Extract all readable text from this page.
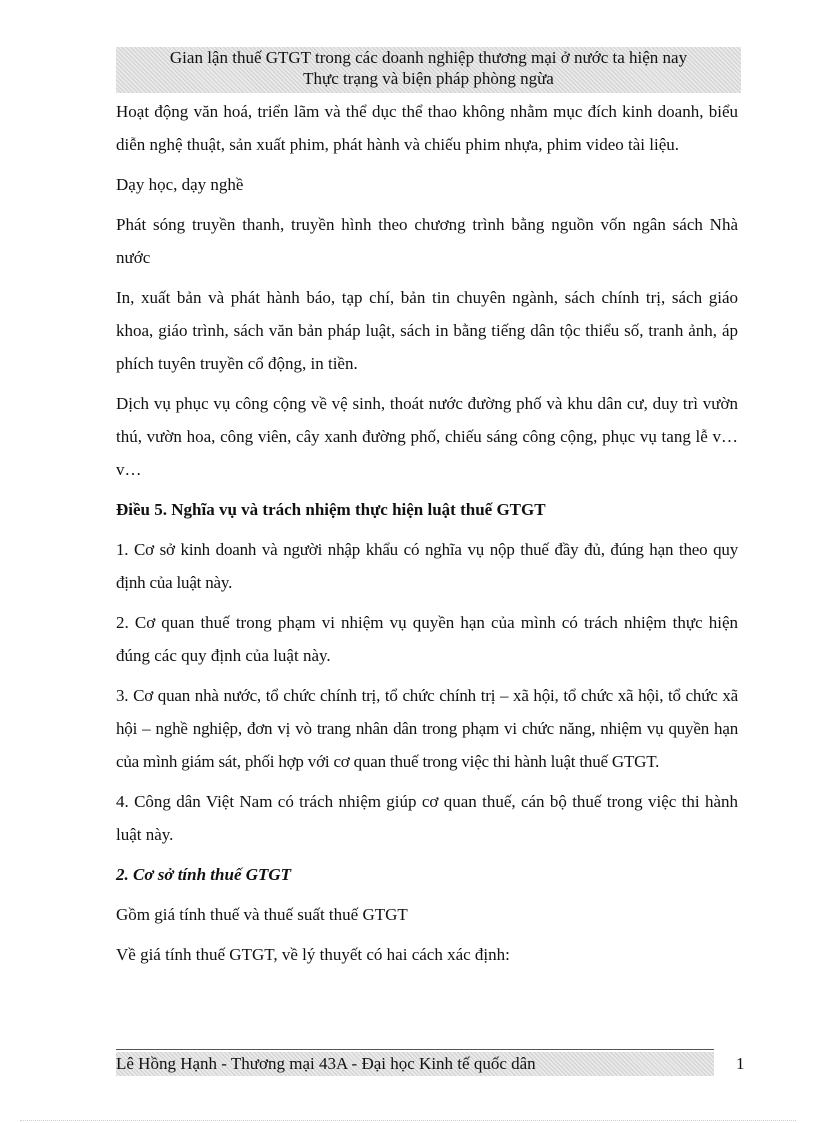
Gian lận thuế GTGT trong các doanh nghiệp thương mại ở nước ta hiện nay
Thực trạng và biện pháp phòng ngừa

Hoạt động văn hoá, triển lãm và thể dục thể thao không nhằm mục đích kinh doanh, biểu diễn nghệ thuật, sản xuất phim, phát hành và chiếu phim nhựa, phim video tài liệu.

Dạy học, dạy nghề

Phát sóng truyền thanh, truyền hình theo chương trình bằng nguồn vốn ngân sách Nhà nước

In, xuất bản và phát hành báo, tạp chí, bản tin chuyên ngành, sách chính trị, sách giáo khoa, giáo trình, sách văn bản pháp luật, sách in bằng tiếng dân tộc thiểu số, tranh ảnh, áp phích tuyên truyền cổ động, in tiền.

Dịch vụ phục vụ công cộng về vệ sinh, thoát nước đường phố và khu dân cư, duy trì vườn thú, vườn hoa, công viên, cây xanh đường phố, chiếu sáng công cộng, phục vụ tang lễ v…v…

Điều 5. Nghĩa vụ và trách nhiệm thực hiện luật thuế GTGT

1. Cơ sở kinh doanh và người nhập khẩu có nghĩa vụ nộp thuế đầy đủ, đúng hạn theo quy định của luật này.

2. Cơ quan thuế trong phạm vi nhiệm vụ quyền hạn của mình có trách nhiệm thực hiện đúng các quy định của luật này.

3. Cơ quan nhà nước, tổ chức chính trị, tổ chức chính trị – xã hội, tổ chức xã hội, tổ chức xã hội – nghề nghiệp, đơn vị vò trang nhân dân trong phạm vi chức năng, nhiệm vụ quyền hạn của mình giám sát, phối hợp với cơ quan thuế trong việc thi hành luật thuế GTGT.

4. Công dân Việt Nam có trách nhiệm giúp cơ quan thuế, cán bộ thuế trong việc thi hành luật này.

2. Cơ sở tính thuế GTGT

Gồm giá tính thuế và thuế suất thuế GTGT

Về giá tính thuế GTGT, về lý thuyết có hai cách xác định:

Lê Hồng Hạnh - Thương mại 43A - Đại học Kinh tế quốc dân	1
